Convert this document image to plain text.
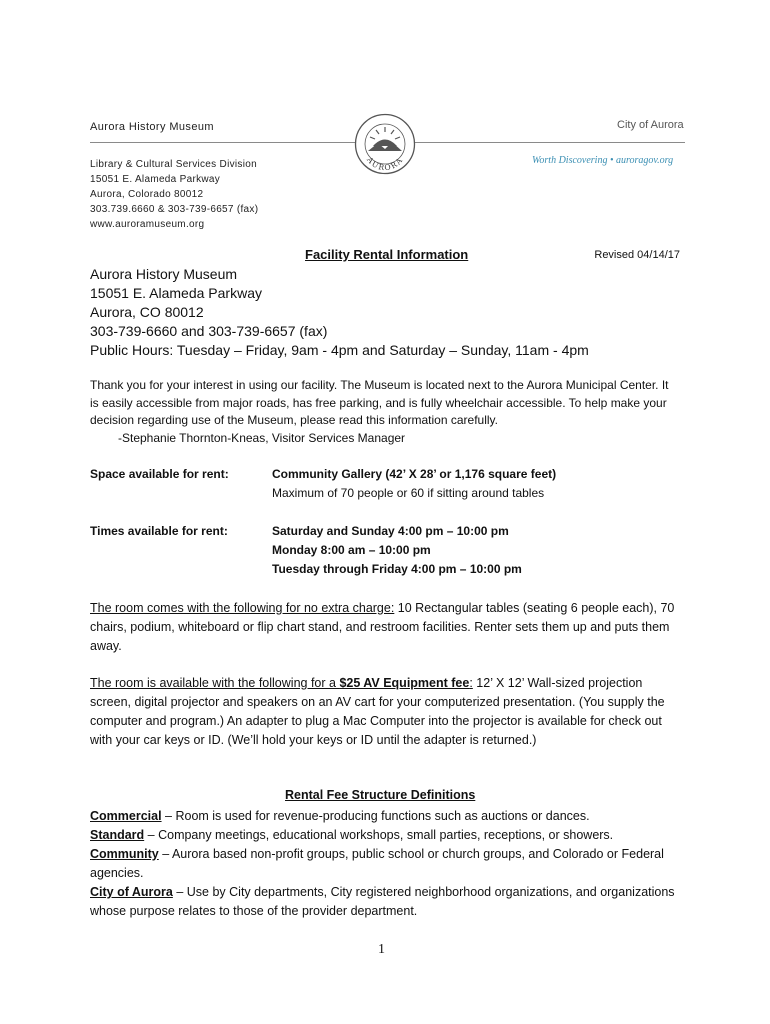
Aurora History Museum	City of Aurora
AURORA	Worth Discovering • auroragov.org
Library & Cultural Services Division
15051 E. Alameda Parkway
Aurora, Colorado 80012
303.739.6660 & 303-739-6657 (fax)
www.auroramuseum.org
Facility Rental Information	Revised 04/14/17
Aurora History Museum
15051 E. Alameda Parkway
Aurora, CO 80012
303-739-6660 and 303-739-6657 (fax)
Public Hours: Tuesday – Friday, 9am - 4pm and Saturday – Sunday, 11am - 4pm
Thank you for your interest in using our facility. The Museum is located next to the Aurora Municipal Center. It is easily accessible from major roads, has free parking, and is fully wheelchair accessible. To help make your decision regarding use of the Museum, please read this information carefully.
-Stephanie Thornton-Kneas, Visitor Services Manager
Space available for rent:	Community Gallery (42’ X 28’ or 1,176 square feet)
Maximum of 70 people or 60 if sitting around tables
Times available for rent:	Saturday and Sunday 4:00 pm – 10:00 pm
Monday 8:00 am – 10:00 pm
Tuesday through Friday 4:00 pm – 10:00 pm
The room comes with the following for no extra charge: 10 Rectangular tables (seating 6 people each), 70 chairs, podium, whiteboard or flip chart stand, and restroom facilities. Renter sets them up and puts them away.
The room is available with the following for a $25 AV Equipment fee: 12’ X 12’ Wall-sized projection screen, digital projector and speakers on an AV cart for your computerized presentation. (You supply the computer and program.) An adapter to plug a Mac Computer into the projector is available for check out with your car keys or ID. (We’ll hold your keys or ID until the adapter is returned.)
Rental Fee Structure Definitions
Commercial – Room is used for revenue-producing functions such as auctions or dances.
Standard – Company meetings, educational workshops, small parties, receptions, or showers.
Community – Aurora based non-profit groups, public school or church groups, and Colorado or Federal agencies.
City of Aurora – Use by City departments, City registered neighborhood organizations, and organizations whose purpose relates to those of the provider department.
1
